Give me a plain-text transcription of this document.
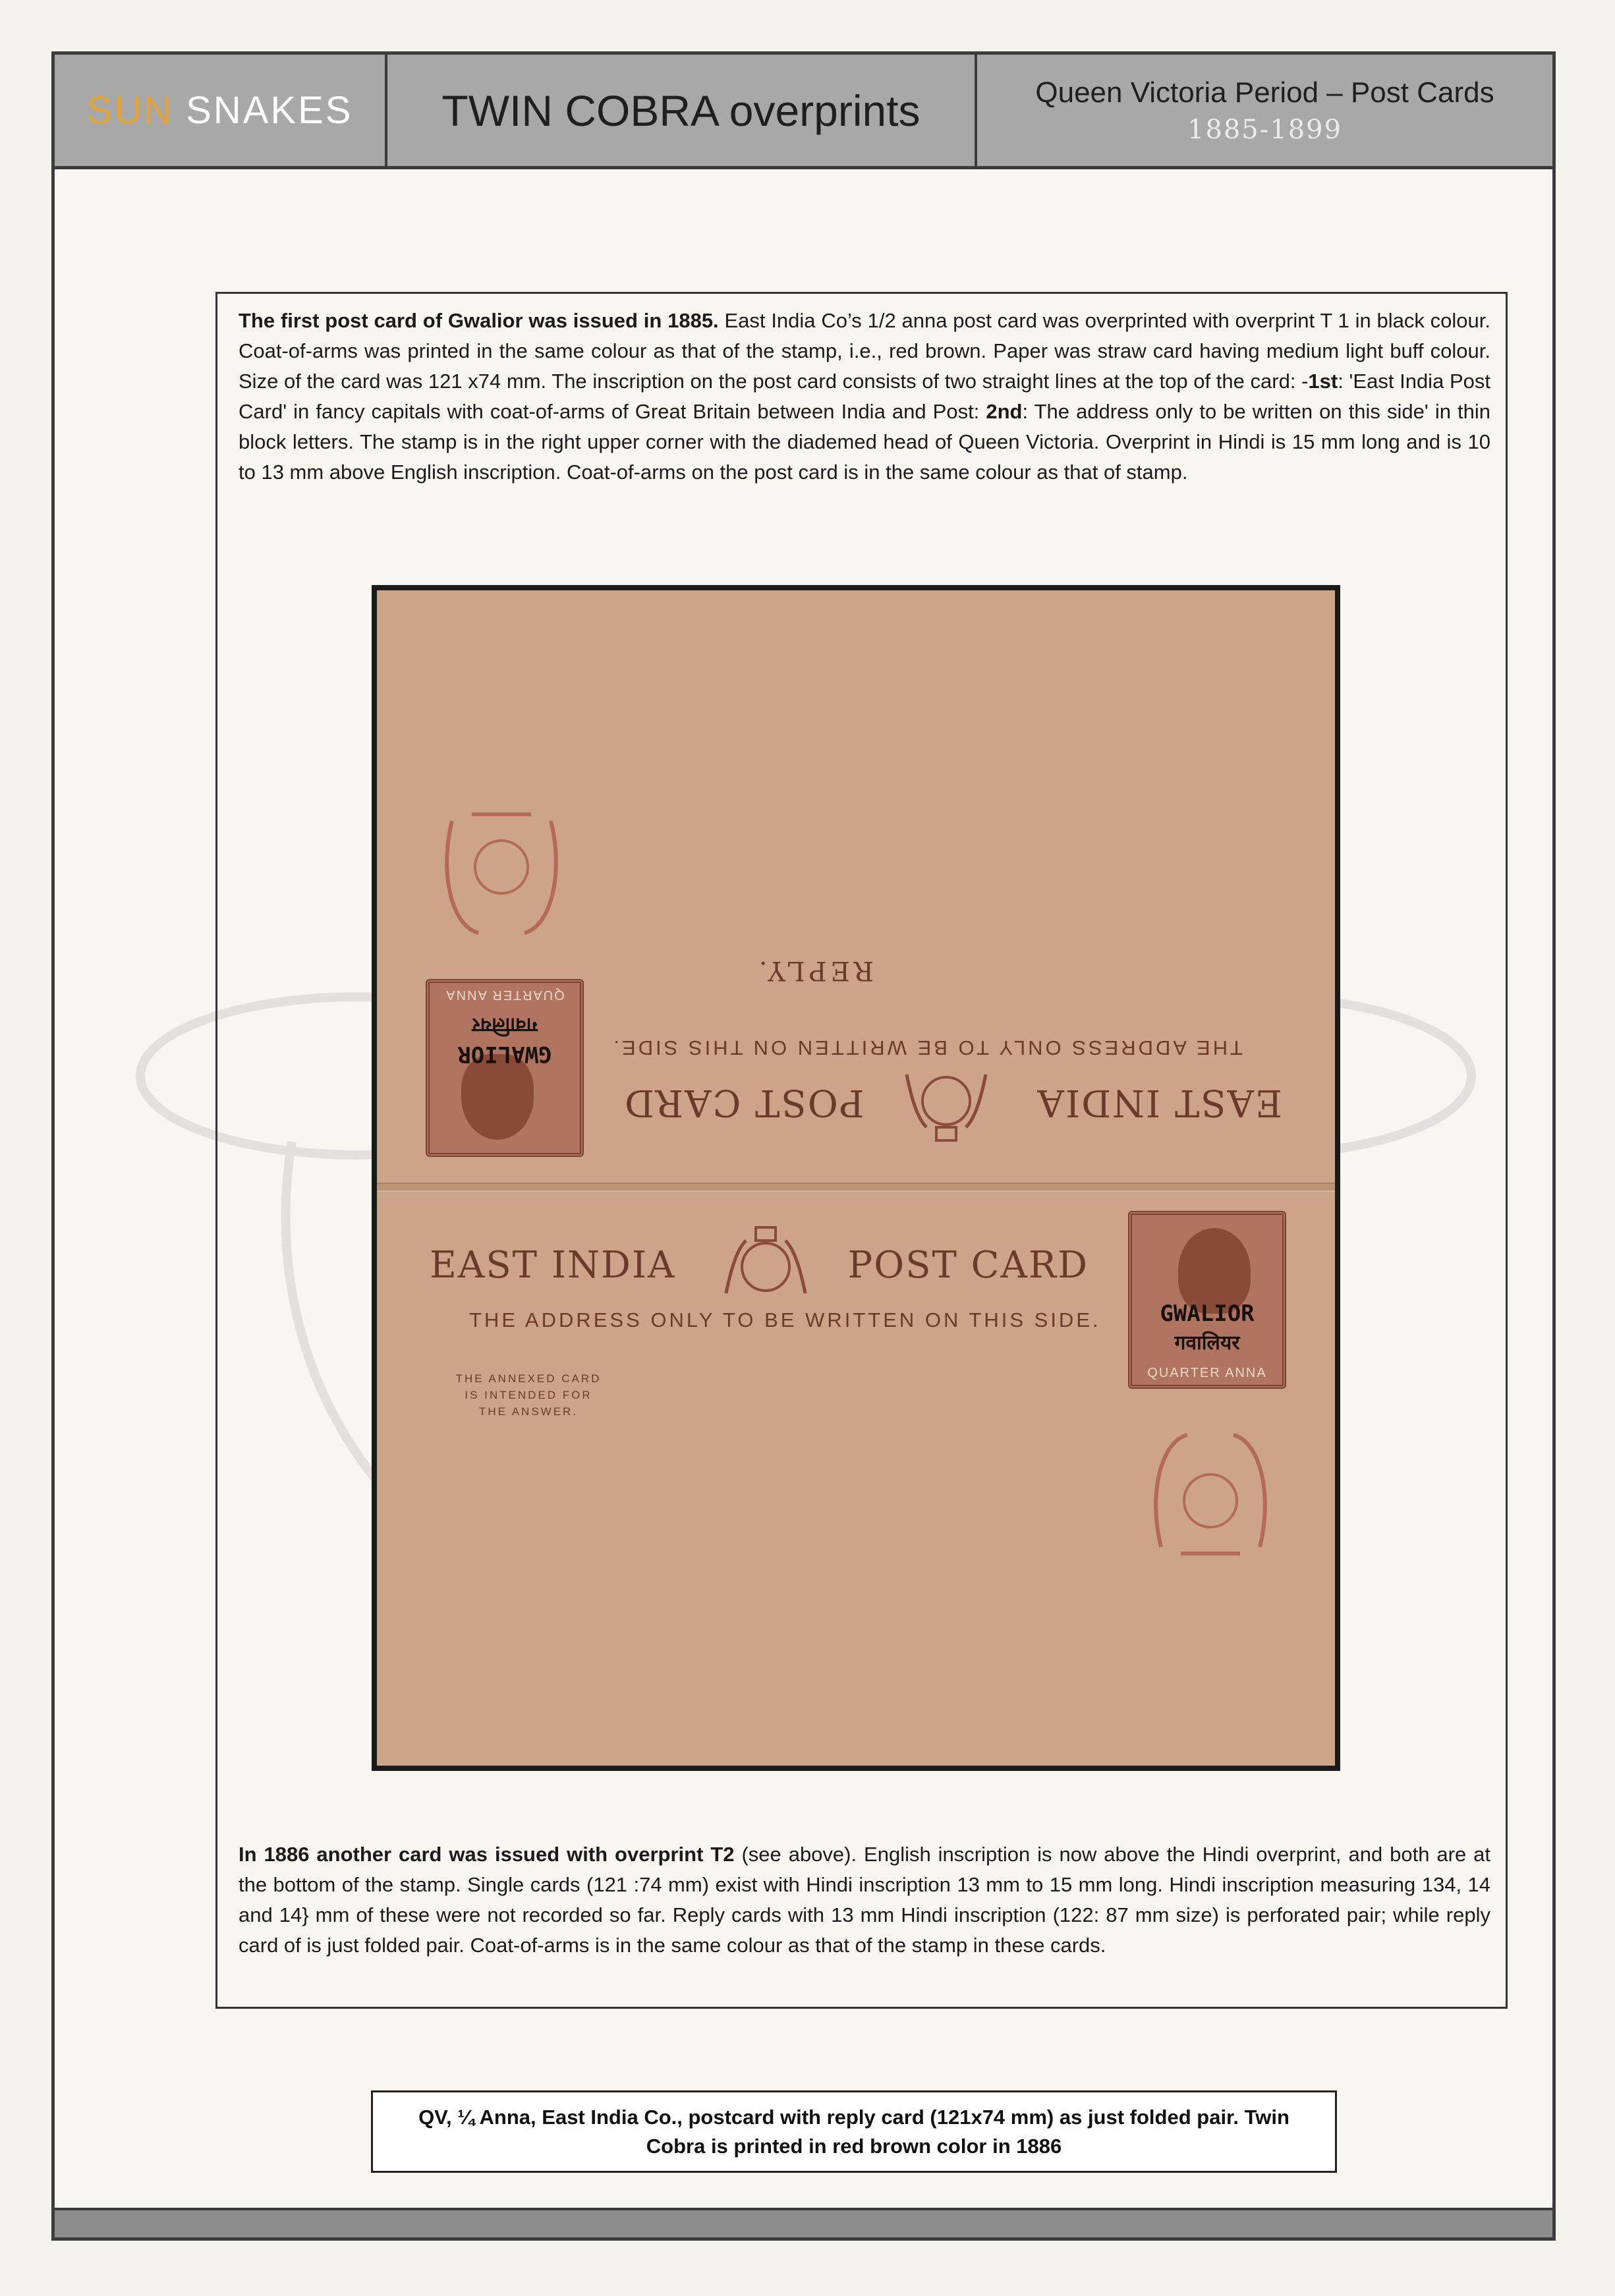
SUN SNAKES TWIN COBRA overprints	Queen Victoria Period – Post Cards
1885-1899

The first post card of Gwalior was issued in 1885. East India Co’s 1/2 anna post card was overprinted with overprint T 1 in black colour. Coat-of-arms was printed in the same colour as that of the stamp, i.e., red brown. Paper was straw card having medium light buff colour. Size of the card was 121 x74 mm. The inscription on the post card consists of two straight lines at the top of the card: -1st: 'East India Post Card' in fancy capitals with coat-of-arms of Great Britain between India and Post: 2nd: The address only to be written on this side' in thin block letters. The stamp is in the right upper corner with the diademed head of Queen Victoria. Overprint in Hindi is 15 mm long and is 10 to 13 mm above English inscription. Coat-of-arms on the post card is in the same colour as that of stamp.

In 1886 another card was issued with overprint T2 (see above). English inscription is now above the Hindi overprint, and both are at the bottom of the stamp. Single cards (121 :74 mm) exist with Hindi inscription 13 mm to 15 mm long. Hindi inscription measuring 134, 14 and 14} mm of these were not recorded so far. Reply cards with 13 mm Hindi inscription (122: 87 mm size) is perforated pair; while reply card of is just folded pair. Coat-of-arms is in the same colour as that of the stamp in these cards.

EAST INDIA
POST CARD
THE ADDRESS ONLY TO BE WRITTEN ON THIS SIDE.
REPLY.
GWALIOR
गवालियर
QUARTER ANNA
EAST INDIA	POST CARD
THE ADDRESS ONLY TO BE WRITTEN ON THIS SIDE.
THE ANNEXED CARD
IS INTENDED FOR
THE ANSWER.
GWALIOR
गवालियर
QUARTER ANNA
QV, ¼ Anna, East India Co., postcard with reply card (121x74 mm) as just folded pair. Twin Cobra is printed in red brown color in 1886
